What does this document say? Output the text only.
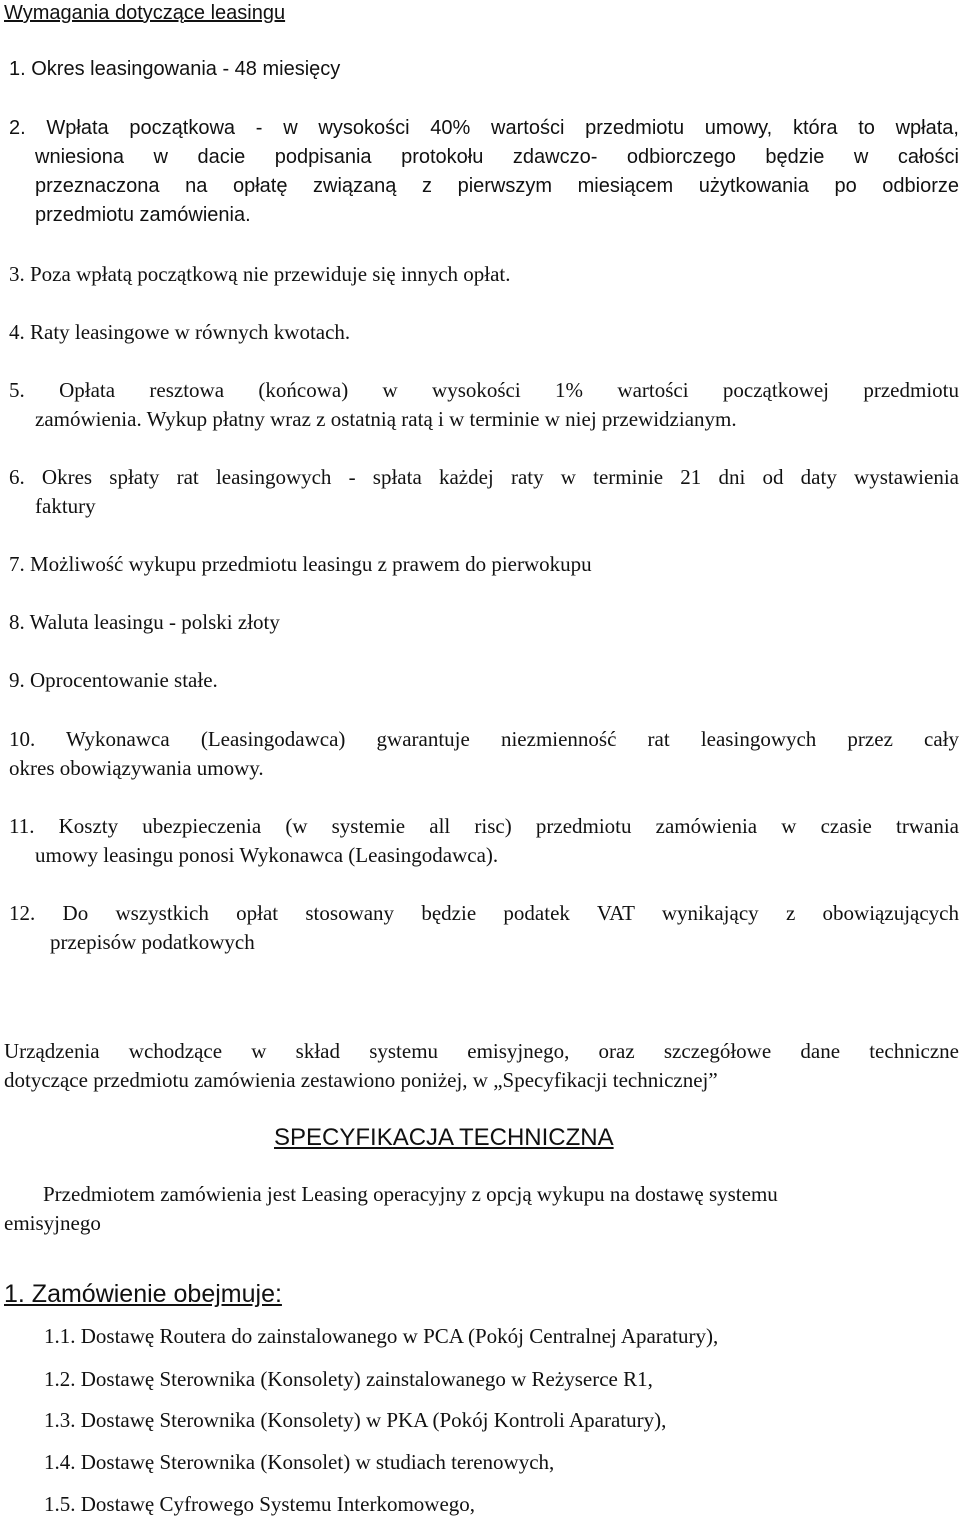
Wymagania dotyczące leasingu
1. Okres leasingowania - 48 miesięcy
2. Wpłata początkowa - w wysokości 40% wartości przedmiotu umowy, która to wpłata,
wniesiona w dacie podpisania protokołu zdawczo- odbiorczego będzie w całości
przeznaczona na opłatę związaną z pierwszym miesiącem użytkowania po odbiorze
przedmiotu zamówienia.
3. Poza wpłatą początkową nie przewiduje się innych opłat.
4. Raty leasingowe w równych kwotach.
5. Opłata resztowa (końcowa) w wysokości 1% wartości początkowej przedmiotu
zamówienia. Wykup płatny wraz z ostatnią ratą i w terminie w niej przewidzianym.
6. Okres spłaty rat leasingowych - spłata każdej raty w terminie 21 dni od daty wystawienia
faktury
7. Możliwość wykupu przedmiotu leasingu z prawem do pierwokupu
8. Waluta leasingu - polski złoty
9. Oprocentowanie stałe.
10. Wykonawca (Leasingodawca) gwarantuje niezmienność rat leasingowych przez cały
okres obowiązywania umowy.
11. Koszty ubezpieczenia (w systemie all risc) przedmiotu zamówienia w czasie trwania
umowy leasingu ponosi Wykonawca (Leasingodawca).
12. Do wszystkich opłat stosowany będzie podatek VAT wynikający z obowiązujących
przepisów podatkowych
Urządzenia wchodzące w skład systemu emisyjnego, oraz szczegółowe dane techniczne
dotyczące przedmiotu zamówienia zestawiono poniżej, w „Specyfikacji technicznej”
SPECYFIKACJA TECHNICZNA
Przedmiotem zamówienia jest Leasing operacyjny z opcją wykupu na dostawę systemu
emisyjnego
1. Zamówienie obejmuje:
1.1. Dostawę Routera do zainstalowanego w PCA (Pokój Centralnej Aparatury),
1.2. Dostawę Sterownika (Konsolety) zainstalowanego w Reżyserce R1,
1.3. Dostawę Sterownika (Konsolety) w PKA (Pokój Kontroli Aparatury),
1.4. Dostawę Sterownika (Konsolet) w studiach terenowych,
1.5. Dostawę Cyfrowego Systemu Interkomowego,
